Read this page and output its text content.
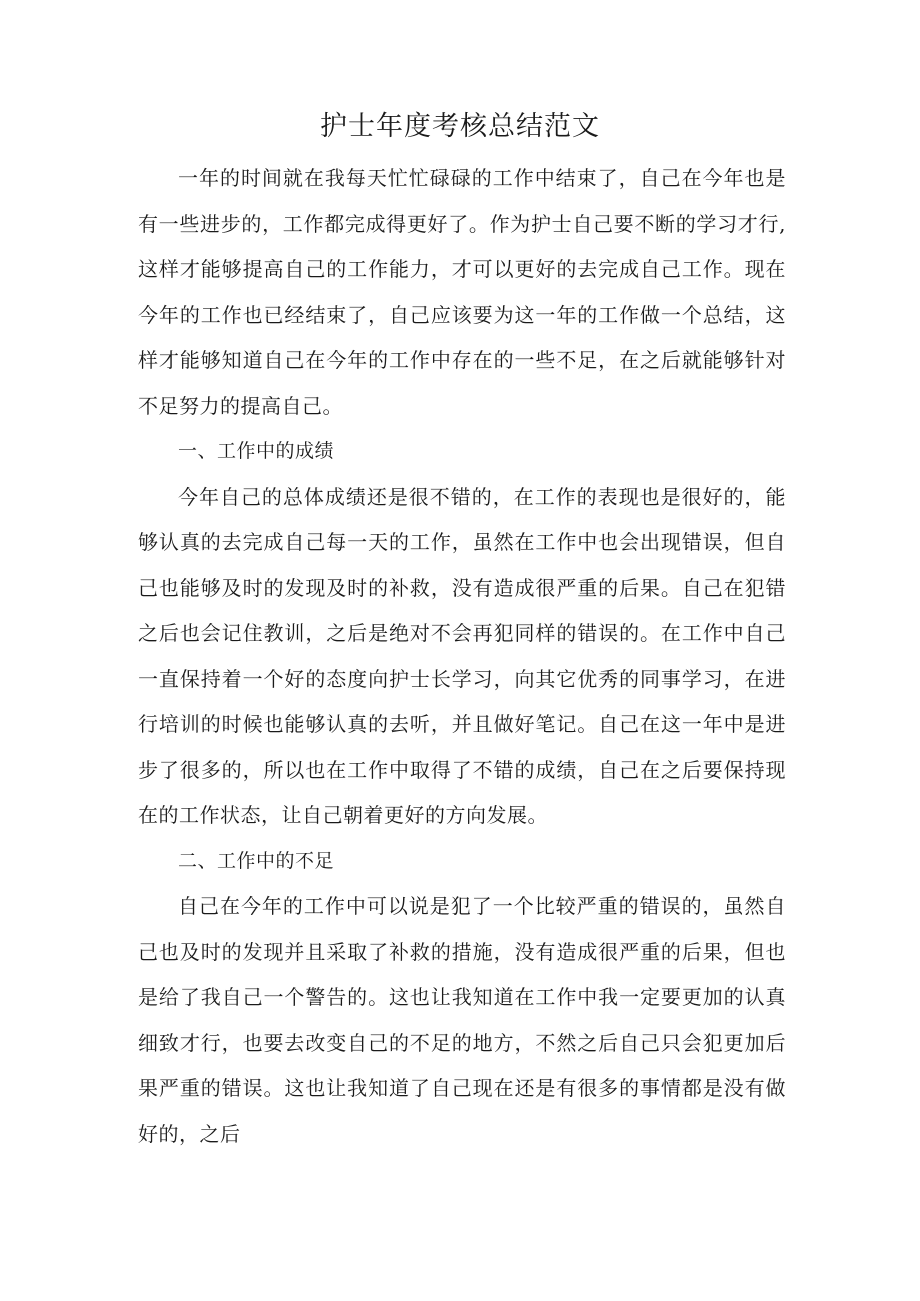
护士年度考核总结范文

一年的时间就在我每天忙忙碌碌的工作中结束了，自己在今年也是有一些进步的，工作都完成得更好了。作为护士自己要不断的学习才行,这样才能够提高自己的工作能力，才可以更好的去完成自己工作。现在今年的工作也已经结束了，自己应该要为这一年的工作做一个总结，这样才能够知道自己在今年的工作中存在的一些不足，在之后就能够针对不足努力的提高自己。

一、工作中的成绩

今年自己的总体成绩还是很不错的，在工作的表现也是很好的，能够认真的去完成自己每一天的工作，虽然在工作中也会出现错误，但自己也能够及时的发现及时的补救，没有造成很严重的后果。自己在犯错之后也会记住教训，之后是绝对不会再犯同样的错误的。在工作中自己一直保持着一个好的态度向护士长学习，向其它优秀的同事学习，在进行培训的时候也能够认真的去听，并且做好笔记。自己在这一年中是进步了很多的，所以也在工作中取得了不错的成绩，自己在之后要保持现在的工作状态，让自己朝着更好的方向发展。

二、工作中的不足

自己在今年的工作中可以说是犯了一个比较严重的错误的，虽然自己也及时的发现并且采取了补救的措施，没有造成很严重的后果，但也是给了我自己一个警告的。这也让我知道在工作中我一定要更加的认真细致才行，也要去改变自己的不足的地方，不然之后自己只会犯更加后果严重的错误。这也让我知道了自己现在还是有很多的事情都是没有做好的，之后
